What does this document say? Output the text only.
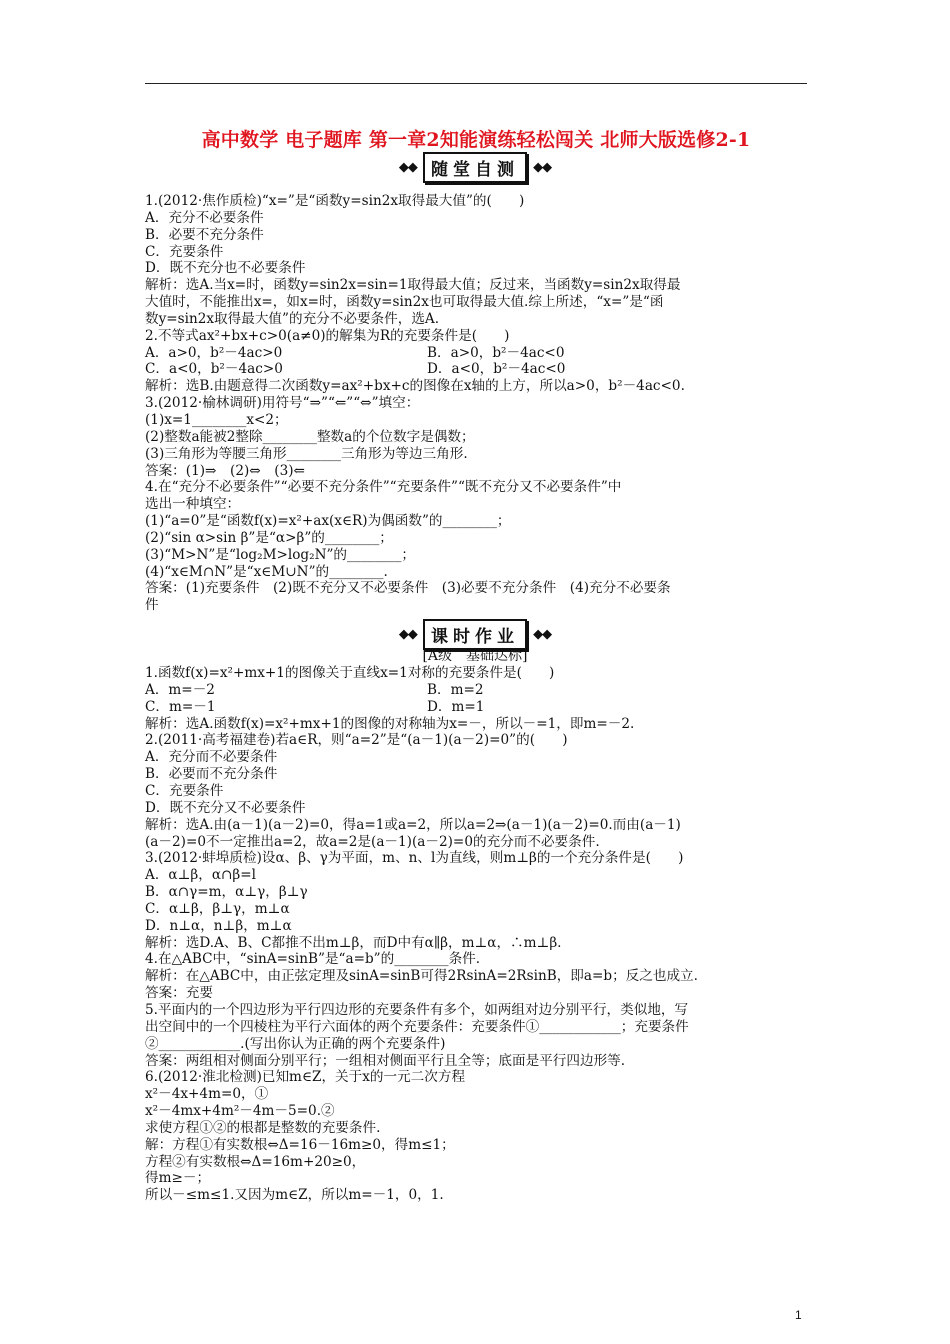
高中数学 电子题库 第一章2知能演练轻松闯关 北师大版选修2-1
◆◆ 随堂自测 ◆◆
◆◆ 课时作业 ◆◆
[A级　基础达标]
1.(2012·焦作质检)“x=”是“函数y=sin2x取得最大值”的(　　)
A．充分不必要条件
B．必要不充分条件
C．充要条件
D．既不充分也不必要条件
解析：选A.当x=时，函数y=sin2x=sin=1取得最大值；反过来，当函数y=sin2x取得最
大值时，不能推出x=，如x=时，函数y=sin2x也可取得最大值.综上所述，“x=”是“函
数y=sin2x取得最大值”的充分不必要条件，选A.
2.不等式ax²+bx+c>0(a≠0)的解集为R的充要条件是(　　)
A．a>0，b²－4ac>0	B．a>0，b²－4ac<0
C．a<0，b²－4ac>0	D．a<0，b²－4ac<0
解析：选B.由题意得二次函数y=ax²+bx+c的图像在x轴的上方，所以a>0，b²－4ac<0.
3.(2012·榆林调研)用符号“⇒”“⇐”“⇔”填空：
(1)x=1________x<2；
(2)整数a能被2整除________整数a的个位数字是偶数；
(3)三角形为等腰三角形________三角形为等边三角形.
答案：(1)⇒　(2)⇔　(3)⇐
4.在“充分不必要条件”“必要不充分条件”“充要条件”“既不充分又不必要条件”中
选出一种填空：
(1)“a=0”是“函数f(x)=x²+ax(x∈R)为偶函数”的________；
(2)“sin α>sin β”是“α>β”的________；
(3)“M>N”是“log₂M>log₂N”的________；
(4)“x∈M∩N”是“x∈M∪N”的________.
答案：(1)充要条件　(2)既不充分又不必要条件　(3)必要不充分条件　(4)充分不必要条
件
1.函数f(x)=x²+mx+1的图像关于直线x=1对称的充要条件是(　　)
A．m=－2	B．m=2
C．m=－1	D．m=1
解析：选A.函数f(x)=x²+mx+1的图像的对称轴为x=－，所以－=1，即m=－2.
2.(2011·高考福建卷)若a∈R，则“a=2”是“(a－1)(a－2)=0”的(　　)
A．充分而不必要条件
B．必要而不充分条件
C．充要条件
D．既不充分又不必要条件
解析：选A.由(a－1)(a－2)=0，得a=1或a=2，所以a=2⇒(a－1)(a－2)=0.而由(a－1)
(a－2)=0不一定推出a=2，故a=2是(a－1)(a－2)=0的充分而不必要条件.
3.(2012·蚌埠质检)设α、β、γ为平面，m、n、l为直线，则m⊥β的一个充分条件是(　　)
A．α⊥β，α∩β=l
B．α∩γ=m，α⊥γ，β⊥γ
C．α⊥β，β⊥γ，m⊥α
D．n⊥α，n⊥β，m⊥α
解析：选D.A、B、C都推不出m⊥β，而D中有α∥β，m⊥α，∴m⊥β.
4.在△ABC中，“sinA=sinB”是“a=b”的________条件.
解析：在△ABC中，由正弦定理及sinA=sinB可得2RsinA=2RsinB，即a=b；反之也成立.
答案：充要
5.平面内的一个四边形为平行四边形的充要条件有多个，如两组对边分别平行，类似地，写
出空间中的一个四棱柱为平行六面体的两个充要条件：充要条件①____________；充要条件
②____________.(写出你认为正确的两个充要条件)
答案：两组相对侧面分别平行；一组相对侧面平行且全等；底面是平行四边形等.
6.(2012·淮北检测)已知m∈Z，关于x的一元二次方程
x²－4x+4m=0，①
x²－4mx+4m²－4m－5=0.②
求使方程①②的根都是整数的充要条件.
解：方程①有实数根⇔Δ=16－16m≥0，得m≤1；
方程②有实数根⇔Δ=16m+20≥0，
得m≥－；
所以－≤m≤1.又因为m∈Z，所以m=－1，0，1.
1
